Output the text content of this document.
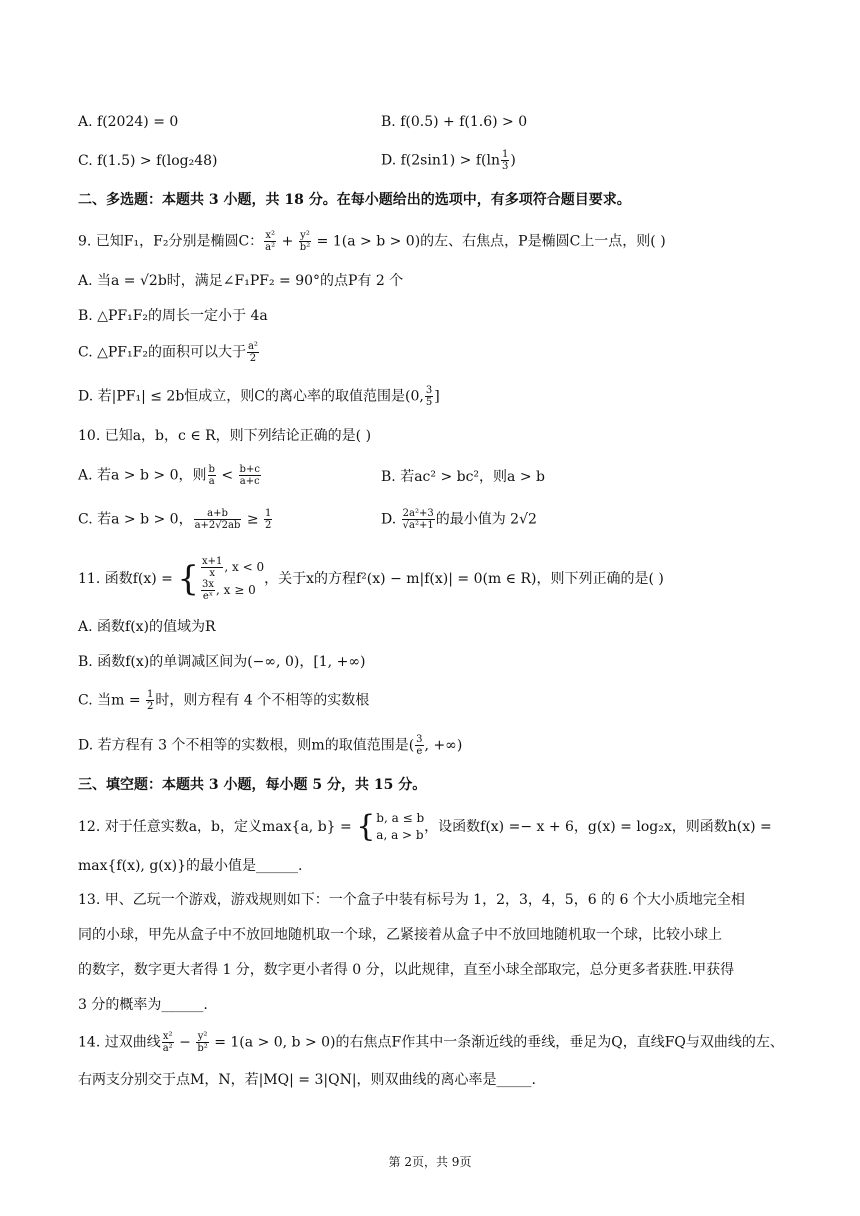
A. f(2024) = 0	B. f(0.5) + f(1.6) > 0
C. f(1.5) > f(log₂48)	D. $f(2\sin 1) > f(\ln \frac{1}{3}$ )
二、多选题：本题共 3 小题，共 18 分。在每小题给出的选项中，有多项符合题目要求。
9. 已知F₁，F₂分别是椭圆C： $\frac{\text{x²}}{\text{a²}} + \frac{\text{y²}}{\text{b²}} = 1(a > b > 0)$的左、右焦点，P是椭圆C上一点，则( )
A. 当a = √2b时，满足∠F₁PF₂ = 90°的点P有 2 个
B. △PF₁F₂的周长一定小于 4a
C. △PF₁F₂的面积可以大于 $\frac{\text{a²}}{2}$
D. 若|PF₁| ≤ 2b恒成立，则C的离心率的取值范围是(0, $\frac{3}{5}$ ]
10. 已知a，b，c ∈ R，则下列结论正确的是( )
A. 若a > b > 0，则 $\frac{b}{a} < \frac{b+c}{a+c}$	B. 若ac² > bc²，则a > b
C. 若a > b > 0， $\frac{a+b}{a+2√2ab} \ge \frac{1}{2}$	D. $\frac{\text{2a²+3}}{\text{√a²+1}}$ 的最小值为 2√2
11. 函数f(x) = { $\frac{x+1}{x}$ , x < 0
$\frac{3x}{\text{eˣ}}$ , x ≥ 0
，关于x的方程f²(x) − m|f(x)| = 0(m ∈ R)，则下列正确的是( )
A. 函数f(x)的值域为R
B. 函数f(x)的单调减区间为(−∞, 0)，[1, +∞)
C. 当$m = \frac{1}{2}$ 时，则方程有 4 个不相等的实数根
D. 若方程有 3 个不相等的实数根，则m的取值范围是( $\frac{3}{e}$ , +∞)
三、填空题：本题共 3 小题，每小题 5 分，共 15 分。
12. 对于任意实数a，b，定义max{a, b} = { b, a ≤ b
a, a > b ，设函数f(x) =− x + 6，g(x) = log₂x，则函数h(x) =
max{f(x), g(x)}的最小值是______.
13. 甲、乙玩一个游戏，游戏规则如下：一个盒子中装有标号为 1，2，3，4，5，6 的 6 个大小质地完全相
同的小球，甲先从盒子中不放回地随机取一个球，乙紧接着从盒子中不放回地随机取一个球，比较小球上
的数字，数字更大者得 1 分，数字更小者得 0 分，以此规律，直至小球全部取完，总分更多者获胜.甲获得
3 分的概率为______.
14. 过双曲线 $\frac{\text{x²}}{\text{a²}} - \frac{\text{y²}}{\text{b²}} = 1(a > 0$, b > 0)的右焦点F作其中一条渐近线的垂线，垂足为Q，直线FQ与双曲线的左、
右两支分别交于点M，N，若|MQ| = 3|QN|，则双曲线的离心率是_____.
第 2页，共 9页
